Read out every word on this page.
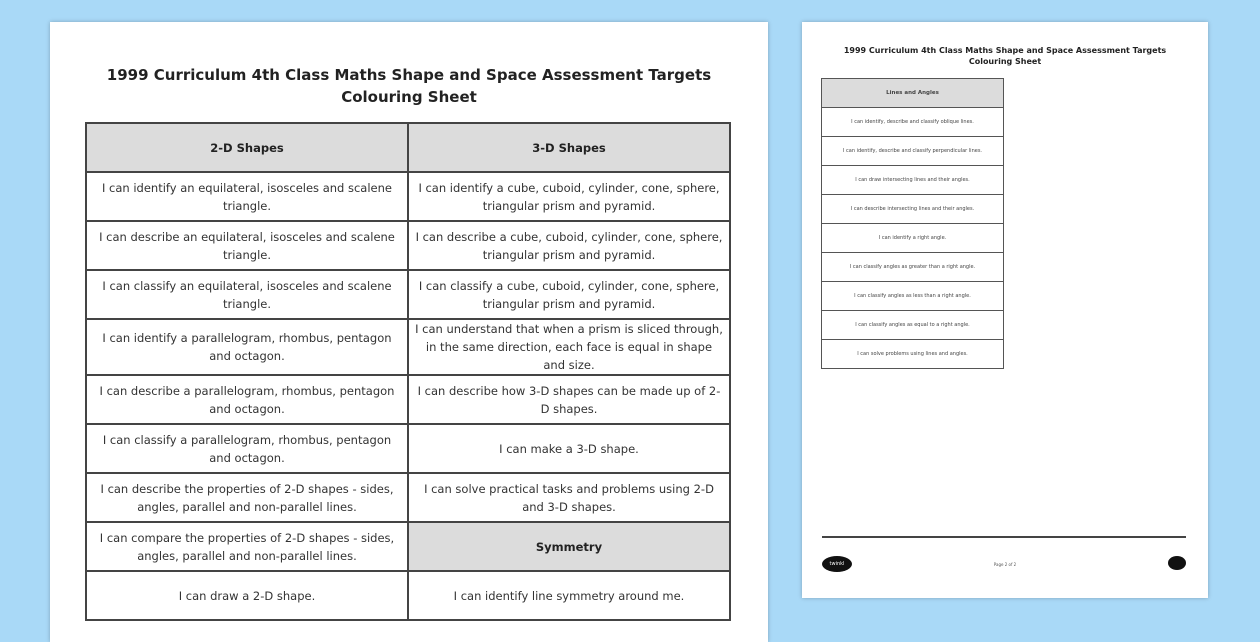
1999 Curriculum 4th Class Maths Shape and Space Assessment Targets
Colouring Sheet
2-D Shapes	3-D Shapes
I can identify an equilateral, isosceles and scalene triangle.	I can identify a cube, cuboid, cylinder, cone, sphere, triangular prism and pyramid.
I can describe an equilateral, isosceles and scalene triangle.	I can describe a cube, cuboid, cylinder, cone, sphere, triangular prism and pyramid.
I can classify an equilateral, isosceles and scalene triangle.	I can classify a cube, cuboid, cylinder, cone, sphere, triangular prism and pyramid.
I can identify a parallelogram, rhombus, pentagon and octagon.	I can understand that when a prism is sliced through, in the same direction, each face is equal in shape and size.
I can describe a parallelogram, rhombus, pentagon and octagon.	I can describe how 3-D shapes can be made up of 2-D shapes.
I can classify a parallelogram, rhombus, pentagon and octagon.	I can make a 3-D shape.
I can describe the properties of 2-D shapes - sides, angles, parallel and non-parallel lines.	I can solve practical tasks and problems using 2-D and 3-D shapes.
I can compare the properties of 2-D shapes - sides, angles, parallel and non-parallel lines.	Symmetry
I can draw a 2-D shape.	I can identify line symmetry around me.
1999 Curriculum 4th Class Maths Shape and Space Assessment Targets
Colouring Sheet
Lines and Angles
I can identify, describe and classify oblique lines.
I can identify, describe and classify perpendicular lines.
I can draw intersecting lines and their angles.
I can describe intersecting lines and their angles.
I can identify a right angle.
I can classify angles as greater than a right angle.
I can classify angles as less than a right angle.
I can classify angles as equal to a right angle.
I can solve problems using lines and angles.
twinkl	Page 2 of 2
